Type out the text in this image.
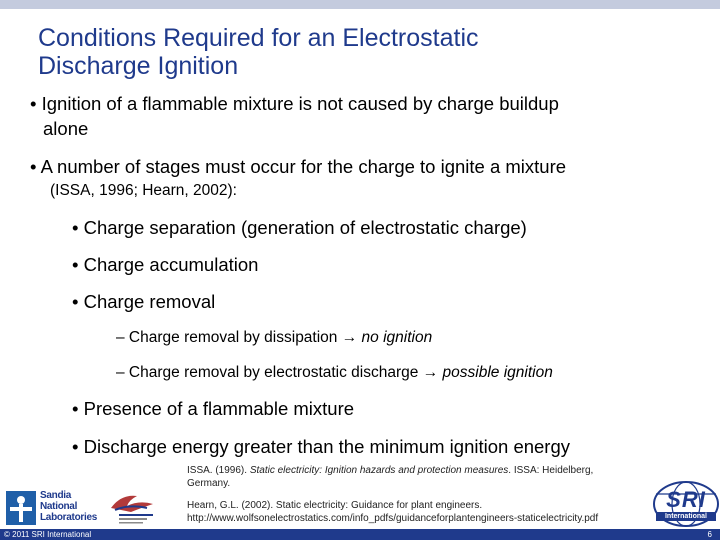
Conditions Required for an Electrostatic
Discharge Ignition
• Ignition of a flammable mixture is not caused by charge buildup
alone
• A number of stages must occur for the charge to ignite a mixture
(ISSA, 1996; Hearn, 2002):
• Charge separation (generation of electrostatic charge)
• Charge accumulation
• Charge removal
– Charge removal by dissipation → no ignition
– Charge removal by electrostatic discharge → possible ignition
• Presence of a flammable mixture
• Discharge energy greater than the minimum ignition energy
ISSA. (1996). Static electricity: Ignition hazards and protection measures. ISSA: Heidelberg,
Germany.
Hearn, G.L. (2002). Static electricity: Guidance for plant engineers.
http://www.wolfsonelectrostatics.com/info_pdfs/guidanceforplantengineers-staticelectricity.pdf
Sandia
National
Laboratories
SRI
International
© 2011 SRI International	6
